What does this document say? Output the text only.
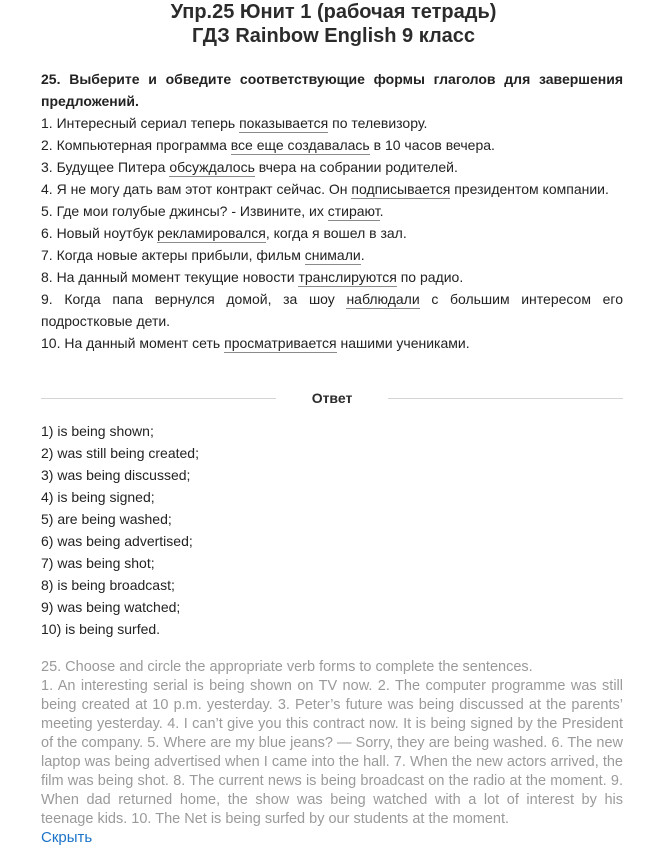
Упр.25 Юнит 1 (рабочая тетрадь)
ГДЗ Rainbow English 9 класс
25. Выберите и обведите соответствующие формы глаголов для завершения предложений.
1. Интересный сериал теперь показывается по телевизору.
2. Компьютерная программа все еще создавалась в 10 часов вечера.
3. Будущее Питера обсуждалось вчера на собрании родителей.
4. Я не могу дать вам этот контракт сейчас. Он подписывается президентом компании.
5. Где мои голубые джинсы? - Извините, их стирают.
6. Новый ноутбук рекламировался, когда я вошел в зал.
7. Когда новые актеры прибыли, фильм снимали.
8. На данный момент текущие новости транслируются по радио.
9. Когда папа вернулся домой, за шоу наблюдали с большим интересом его подростковые дети.
10. На данный момент сеть просматривается нашими учениками.
Ответ
1) is being shown;
2) was still being created;
3) was being discussed;
4) is being signed;
5) are being washed;
6) was being advertised;
7) was being shot;
8) is being broadcast;
9) was being watched;
10) is being surfed.
25. Choose and circle the appropriate verb forms to complete the sentences.
1. An interesting serial is being shown on TV now. 2. The computer programme was still being created at 10 p.m. yesterday. 3. Peter’s future was being discussed at the parents’ meeting yesterday. 4. I can’t give you this contract now. It is being signed by the President of the company. 5. Where are my blue jeans? — Sorry, they are being washed. 6. The new laptop was being advertised when I came into the hall. 7. When the new actors arrived, the film was being shot. 8. The current news is being broadcast on the radio at the moment. 9. When dad returned home, the show was being watched with a lot of interest by his teenage kids. 10. The Net is being surfed by our students at the moment.
Скрыть
